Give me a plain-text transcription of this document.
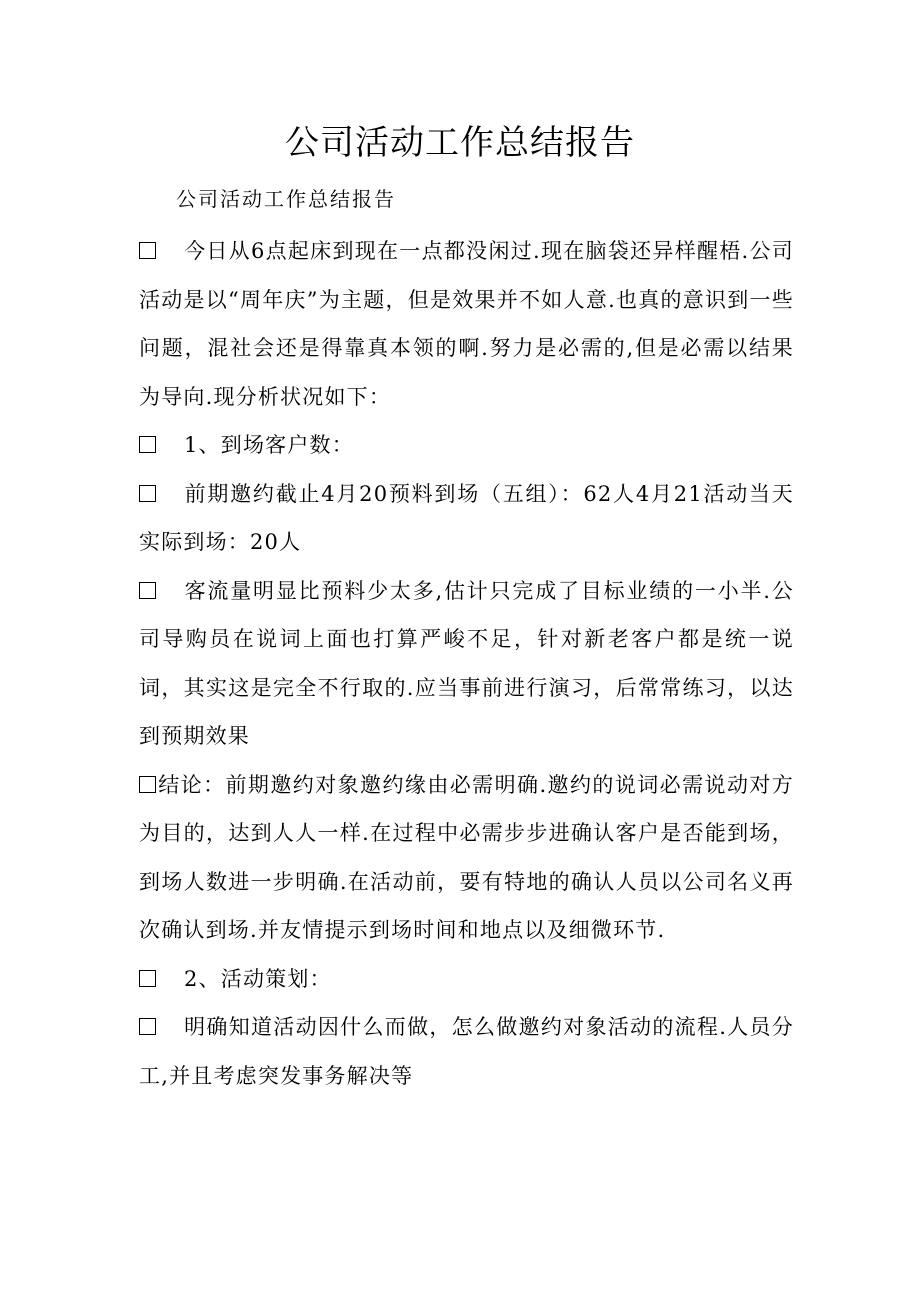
公司活动工作总结报告
公司活动工作总结报告

今日从6点起床到现在一点都没闲过.现在脑袋还异样醒梧.公司活动是以“周年庆”为主题，但是效果并不如人意.也真的意识到一些问题，混社会还是得靠真本领的啊.努力是必需的,但是必需以结果为导向.现分析状况如下：

1、到场客户数：

前期邀约截止4月20预料到场（五组）：62人4月21活动当天实际到场：20人

客流量明显比预料少太多,估计只完成了目标业绩的一小半.公司导购员在说词上面也打算严峻不足，针对新老客户都是统一说词，其实这是完全不行取的.应当事前进行演习，后常常练习，以达到预期效果

结论：前期邀约对象邀约缘由必需明确.邀约的说词必需说动对方为目的，达到人人一样.在过程中必需步步进确认客户是否能到场，到场人数进一步明确.在活动前，要有特地的确认人员以公司名义再次确认到场.并友情提示到场时间和地点以及细微环节.

2、活动策划：

明确知道活动因什么而做，怎么做邀约对象活动的流程.人员分工,并且考虑突发事务解决等
